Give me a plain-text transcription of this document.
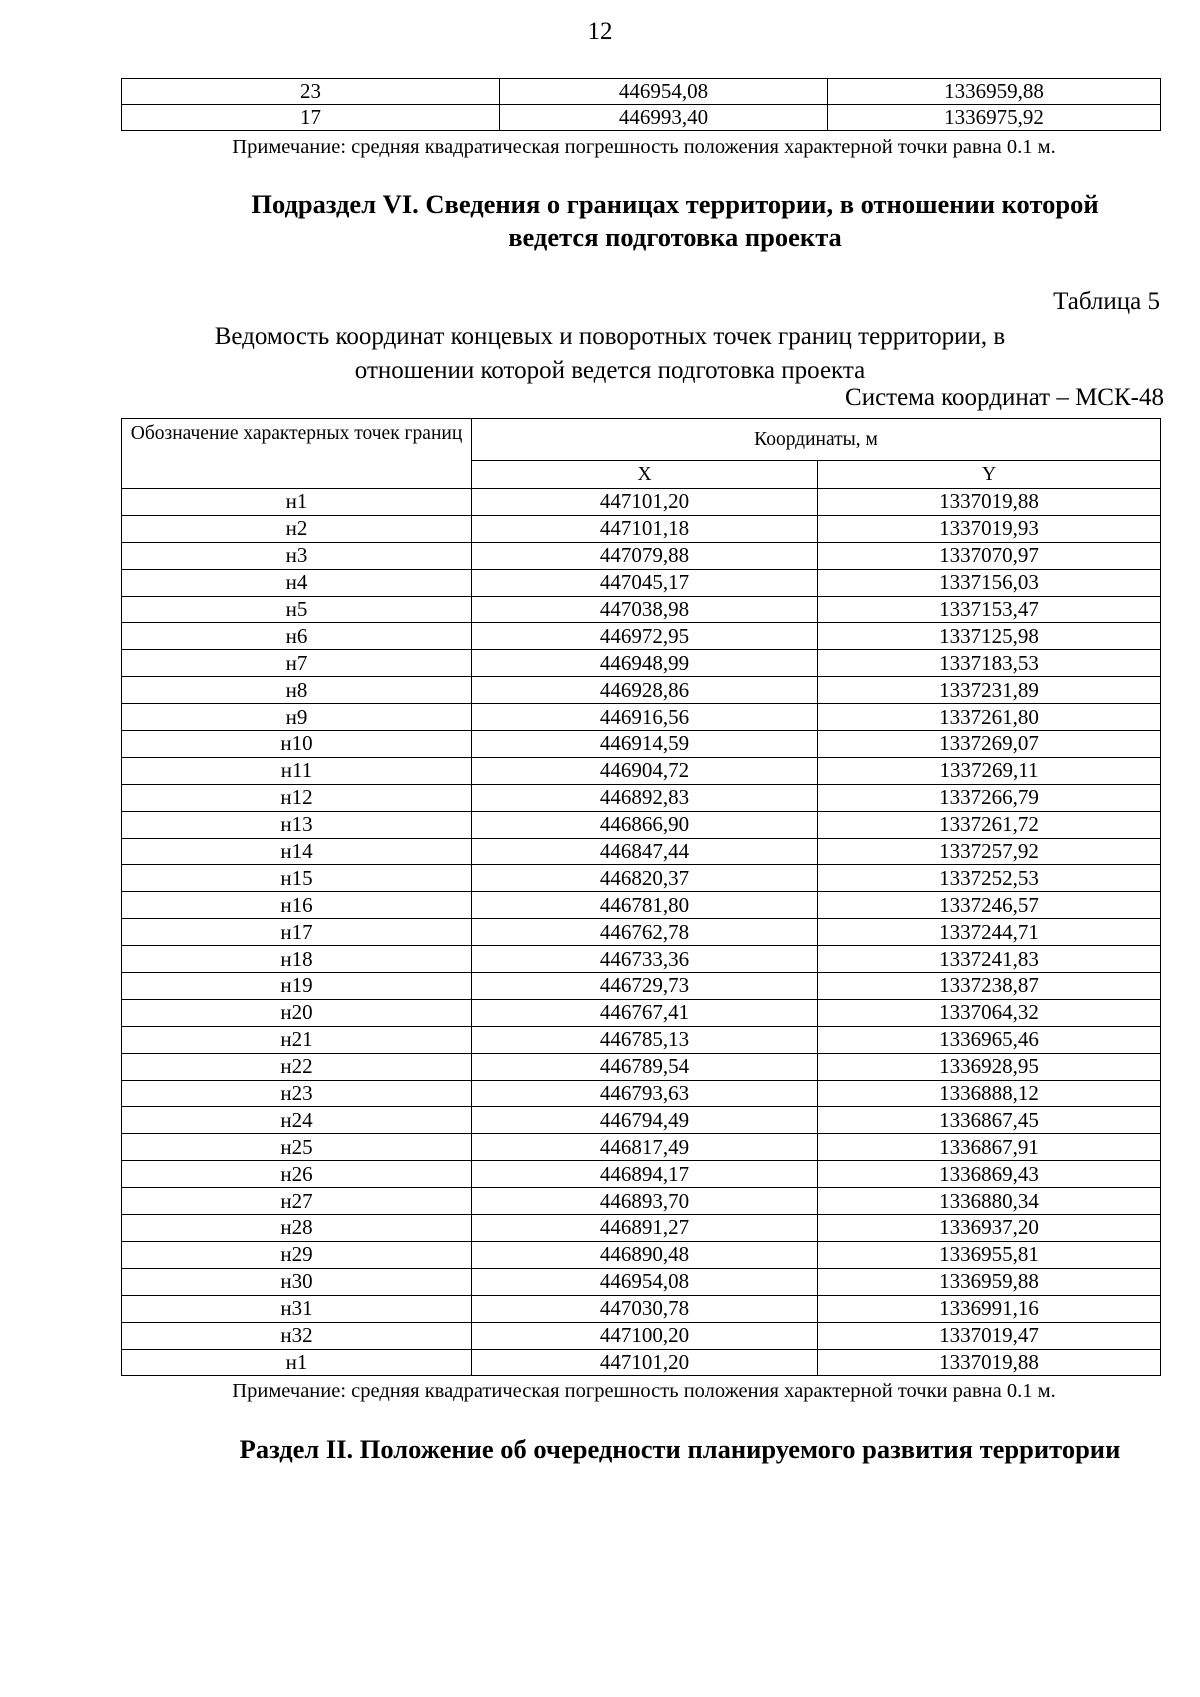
12
23	446954,08	1336959,88
17	446993,40	1336975,92
Примечание: средняя квадратическая погрешность положения характерной точки равна 0.1 м.
Подраздел VI. Сведения о границах территории, в отношении которой
ведется подготовка проекта
Таблица 5
Ведомость координат концевых и поворотных точек границ территории, в
отношении которой ведется подготовка проекта
Система координат – МСК-48
Обозначение характерных точек границ	Координаты, м	
	X	Y
н1	447101,20	1337019,88
н2	447101,18	1337019,93
н3	447079,88	1337070,97
н4	447045,17	1337156,03
н5	447038,98	1337153,47
н6	446972,95	1337125,98
н7	446948,99	1337183,53
н8	446928,86	1337231,89
н9	446916,56	1337261,80
н10	446914,59	1337269,07
н11	446904,72	1337269,11
н12	446892,83	1337266,79
н13	446866,90	1337261,72
н14	446847,44	1337257,92
н15	446820,37	1337252,53
н16	446781,80	1337246,57
н17	446762,78	1337244,71
н18	446733,36	1337241,83
н19	446729,73	1337238,87
н20	446767,41	1337064,32
н21	446785,13	1336965,46
н22	446789,54	1336928,95
н23	446793,63	1336888,12
н24	446794,49	1336867,45
н25	446817,49	1336867,91
н26	446894,17	1336869,43
н27	446893,70	1336880,34
н28	446891,27	1336937,20
н29	446890,48	1336955,81
н30	446954,08	1336959,88
н31	447030,78	1336991,16
н32	447100,20	1337019,47
н1	447101,20	1337019,88
Примечание: средняя квадратическая погрешность положения характерной точки равна 0.1 м.
Раздел II. Положение об очередности планируемого развития территории
